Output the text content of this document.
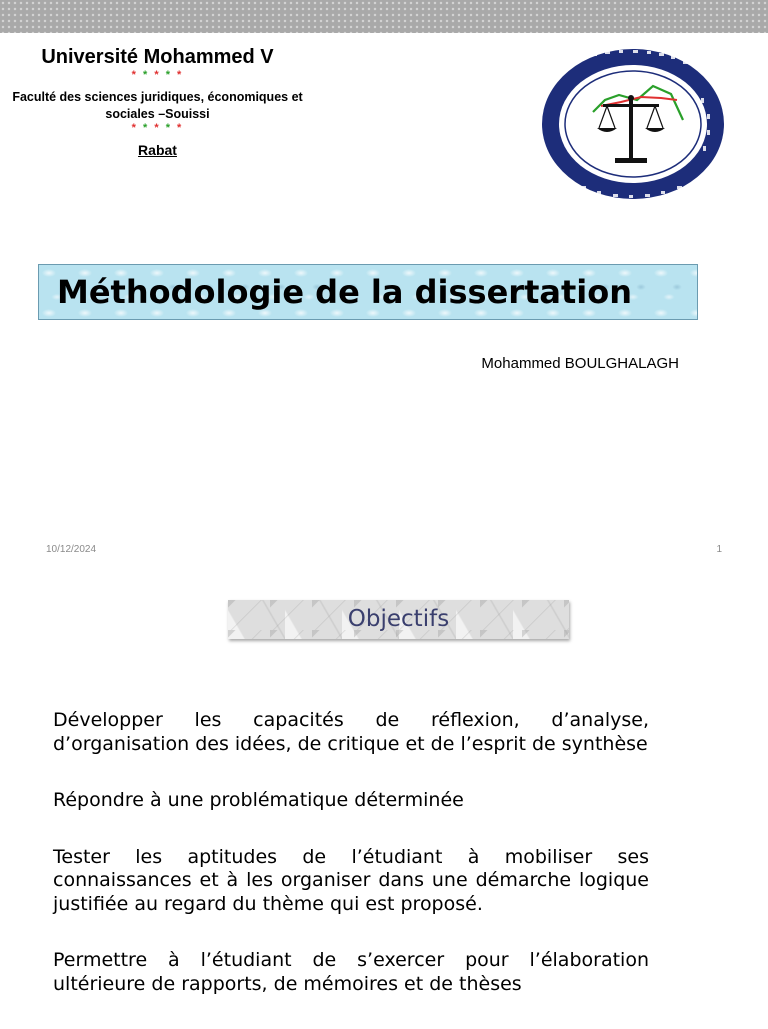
Université Mohammed V
* * * * *
Faculté des sciences juridiques, économiques et sociales –Souissi
* * * * *
Rabat
Méthodologie de la dissertation
Mohammed BOULGHALAGH
10/12/2024	1
Objectifs
Développer les capacités de réflexion, d’analyse, d’organisation des idées, de critique et de l’esprit de synthèse
Répondre à une problématique déterminée
Tester les aptitudes de l’étudiant à mobiliser ses connaissances et à les organiser dans une démarche logique justifiée au regard du thème qui est proposé.
Permettre à l’étudiant de s’exercer pour l’élaboration ultérieure de rapports, de mémoires et de thèses
